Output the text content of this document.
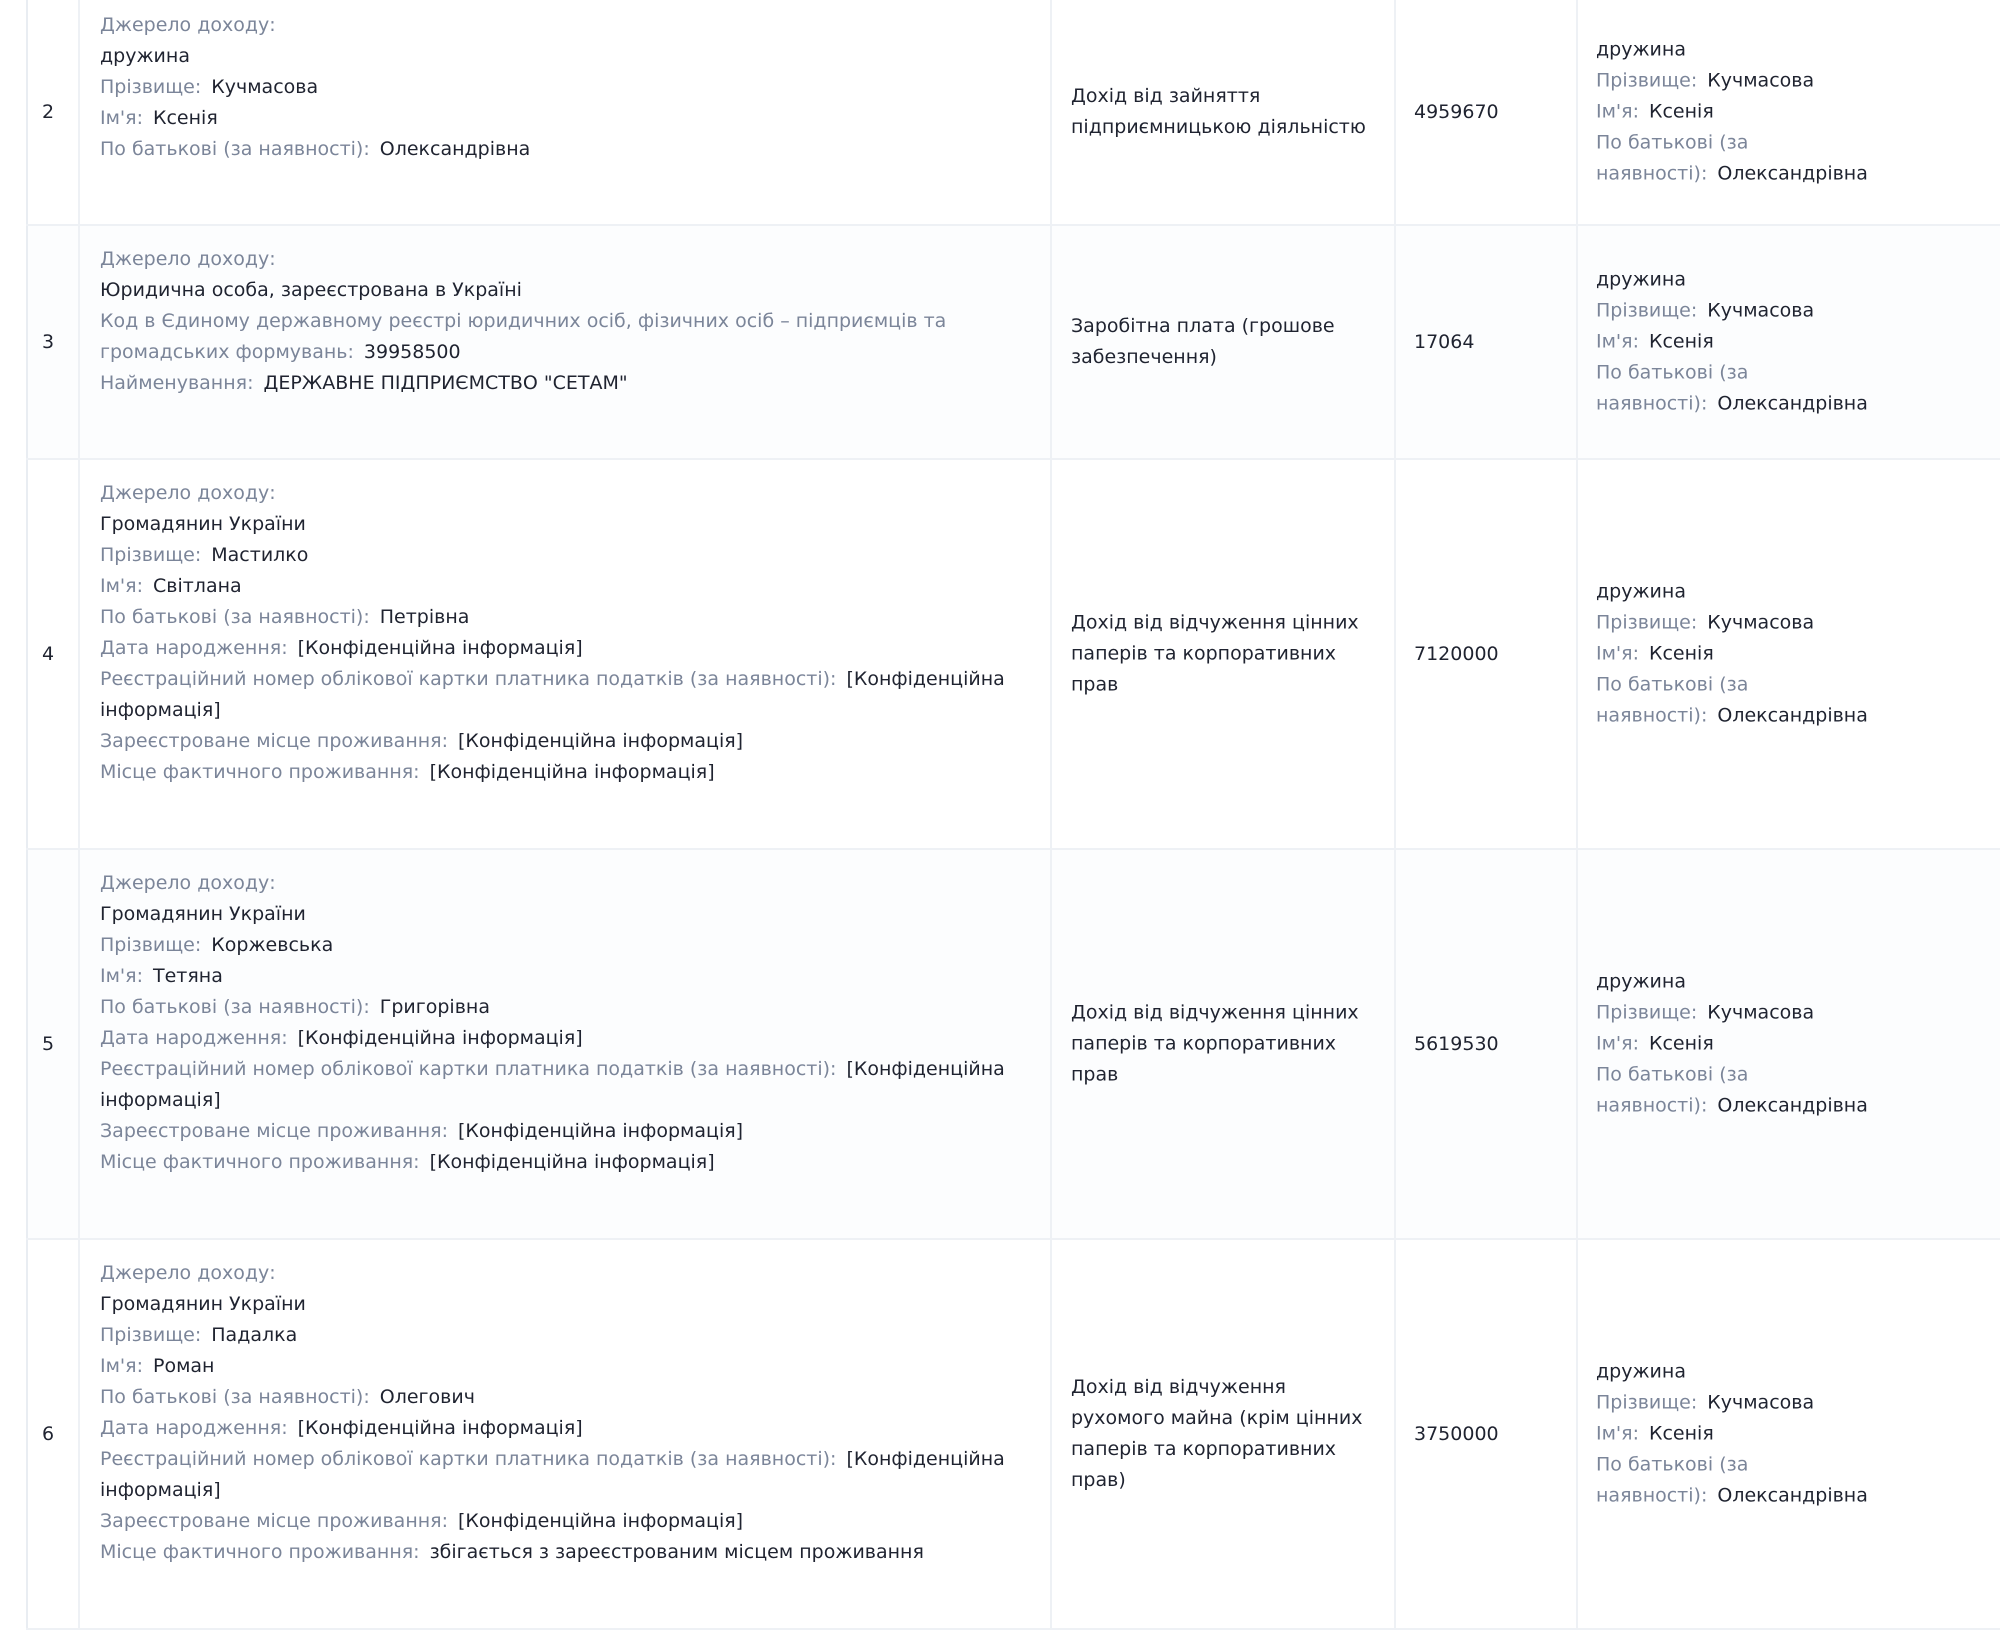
2

Джерело доходу:

дружина

Прізвище: Кучмасова

Ім'я: Ксенія

По батькові (за наявності): Олександрівна

Дохід від зайняття підприємницькою діяльністю
4959670

дружина

Прізвище: Кучмасова

Ім'я: Ксенія

По батькові (за наявності): Олександрівна

3

Джерело доходу:

Юридична особа, зареєстрована в Україні

Код в Єдиному державному реєстрі юридичних осіб, фізичних осіб – підприємців та громадських формувань: 39958500

Найменування: ДЕРЖАВНЕ ПІДПРИЄМСТВО "СЕТАМ"

Заробітна плата (грошове забезпечення)
17064

дружина

Прізвище: Кучмасова

Ім'я: Ксенія

По батькові (за наявності): Олександрівна

4

Джерело доходу:

Громадянин України

Прізвище: Мастилко

Ім'я: Світлана

По батькові (за наявності): Петрівна

Дата народження: [Конфіденційна інформація]

Реєстраційний номер облікової картки платника податків (за наявності): [Конфіденційна інформація]

Зареєстроване місце проживання: [Конфіденційна інформація]

Місце фактичного проживання: [Конфіденційна інформація]

Дохід від відчуження цінних паперів та корпоративних прав
7120000

дружина

Прізвище: Кучмасова

Ім'я: Ксенія

По батькові (за наявності): Олександрівна

5

Джерело доходу:

Громадянин України

Прізвище: Коржевська

Ім'я: Тетяна

По батькові (за наявності): Григорівна

Дата народження: [Конфіденційна інформація]

Реєстраційний номер облікової картки платника податків (за наявності): [Конфіденційна інформація]

Зареєстроване місце проживання: [Конфіденційна інформація]

Місце фактичного проживання: [Конфіденційна інформація]

Дохід від відчуження цінних паперів та корпоративних прав
5619530

дружина

Прізвище: Кучмасова

Ім'я: Ксенія

По батькові (за наявності): Олександрівна

6

Джерело доходу:

Громадянин України

Прізвище: Падалка

Ім'я: Роман

По батькові (за наявності): Олегович

Дата народження: [Конфіденційна інформація]

Реєстраційний номер облікової картки платника податків (за наявності): [Конфіденційна інформація]

Зареєстроване місце проживання: [Конфіденційна інформація]

Місце фактичного проживання: збігається з зареєстрованим місцем проживання

Дохід від відчуження рухомого майна (крім цінних паперів та корпоративних прав)
3750000

дружина

Прізвище: Кучмасова

Ім'я: Ксенія

По батькові (за наявності): Олександрівна
